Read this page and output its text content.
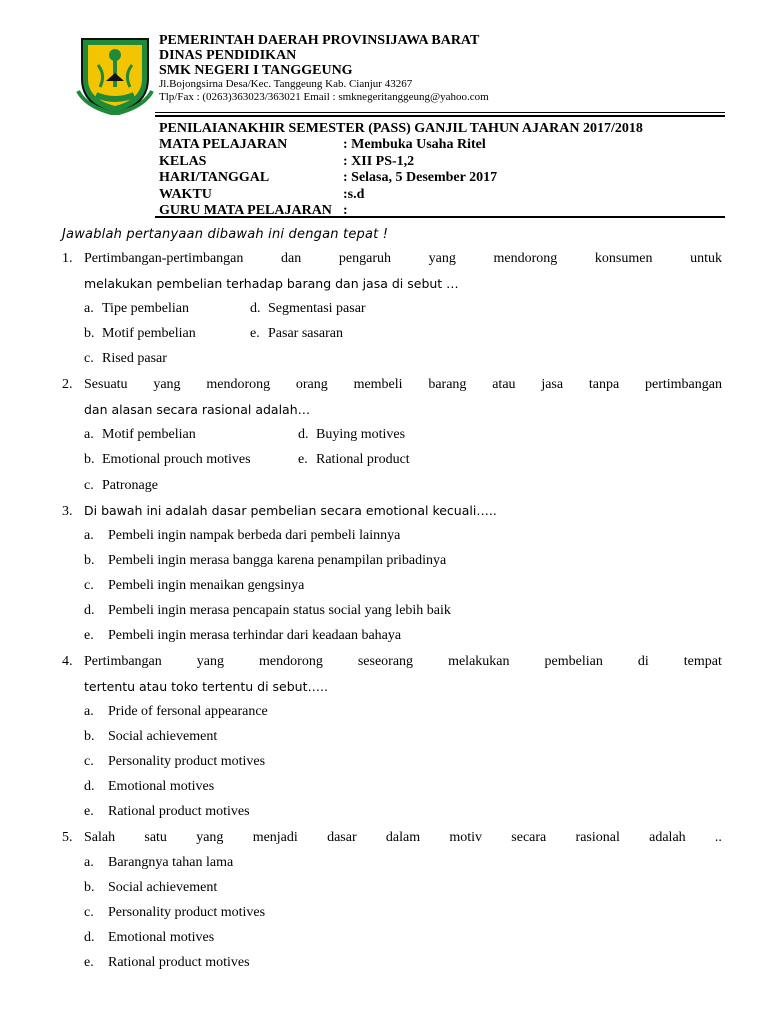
PEMERINTAH DAERAH PROVINSIJAWA BARAT
DINAS PENDIDIKAN
SMK NEGERI I TANGGEUNG
Jl.Bojongsirna Desa/Kec. Tanggeung Kab. Cianjur 43267
Tlp/Fax : (0263)363023/363021 Email : smknegeritanggeung@yahoo.com
PENILAIANAKHIR SEMESTER (PASS) GANJIL TAHUN AJARAN 2017/2018
MATA PELAJARAN	: Membuka Usaha Ritel
KELAS	: XII PS-1,2
HARI/TANGGAL	: Selasa, 5 Desember 2017
WAKTU	:s.d
GURU MATA PELAJARAN :
Jawablah pertanyaan dibawah ini dengan tepat !
1. Pertimbangan-pertimbangan	dan	pengaruh	yang	mendorong	konsumen	untuk
melakukan pembelian terhadap barang dan jasa di sebut …
a. Tipe pembelian
b. Motif pembelian
c. Rised pasar
d. Segmentasi pasar
e. Pasar sasaran
2. Sesuatu yang mendorong orang membeli barang atau jasa tanpa pertimbangan
dan alasan secara rasional adalah…
a. Motif pembelian
b. Emotional prouch motives
c. Patronage
d. Buying motives
e. Rational product
3. Di bawah ini adalah dasar pembelian secara emotional kecuali…..
a. Pembeli ingin nampak berbeda dari pembeli lainnya
b. Pembeli ingin merasa bangga karena penampilan pribadinya
c. Pembeli ingin menaikan gengsinya
d. Pembeli ingin merasa pencapain status social yang lebih baik
e. Pembeli ingin merasa terhindar dari keadaan bahaya
4. Pertimbangan	yang	mendorong	seseorang	melakukan	pembelian	di	tempat
tertentu atau toko tertentu di sebut…..
a. Pride of fersonal appearance
b. Social achievement
c. Personality product motives
d. Emotional motives
e. Rational product motives
5. Salah satu yang menjadi dasar dalam motiv secara rasional adalah ..
a. Barangnya tahan lama
b. Social achievement
c. Personality product motives
d. Emotional motives
e. Rational product motives
